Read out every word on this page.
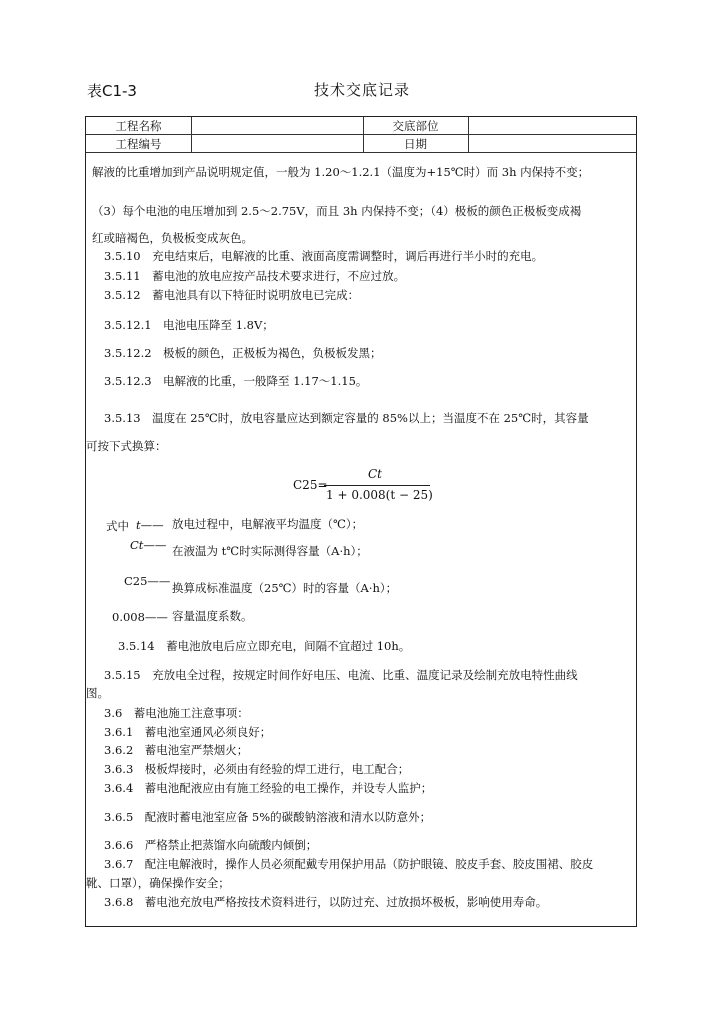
表C1-3	技术交底记录
工程名称	交底部位
工程编号	日期
解液的比重增加到产品说明规定值，一般为 1.20～1.2.1（温度为+15℃时）而 3h 内保持不变；
（3）每个电池的电压增加到 2.5～2.75V，而且 3h 内保持不变；（4）极板的颜色正极板变成褐
红或暗褐色，负极板变成灰色。
3.5.10　充电结束后，电解液的比重、液面高度需调整时，调后再进行半小时的充电。
3.5.11　蓄电池的放电应按产品技术要求进行，不应过放。
3.5.12　蓄电池具有以下特征时说明放电已完成：
3.5.12.1　电池电压降至 1.8V；
3.5.12.2　极板的颜色，正极板为褐色，负极板发黑；
3.5.12.3　电解液的比重，一般降至 1.17～1.15。
3.5.13　温度在 25℃时，放电容量应达到额定容量的 85%以上；当温度不在 25℃时，其容量
可按下式换算：
C25=
Ct
1 + 0.008(t − 25)
式中 t—— 放电过程中，电解液平均温度（℃）；
Ct—— 在液温为 t℃时实际测得容量（A·h）；
C25—— 换算成标准温度（25℃）时的容量（A·h）；
0.008—— 容量温度系数。
3.5.14　蓄电池放电后应立即充电，间隔不宜超过 10h。
3.5.15　充放电全过程，按规定时间作好电压、电流、比重、温度记录及绘制充放电特性曲线
图。
3.6　蓄电池施工注意事项：
3.6.1　蓄电池室通风必须良好；
3.6.2　蓄电池室严禁烟火；
3.6.3　极板焊接时，必须由有经验的焊工进行，电工配合；
3.6.4　蓄电池配液应由有施工经验的电工操作，并设专人监护；
3.6.5　配液时蓄电池室应备 5%的碳酸钠溶液和清水以防意外；
3.6.6　严格禁止把蒸馏水向硫酸内倾倒；
3.6.7　配注电解液时，操作人员必须配戴专用保护用品（防护眼镜、胶皮手套、胶皮围裙、胶皮
靴、口罩），确保操作安全；
3.6.8　蓄电池充放电严格按技术资料进行，以防过充、过放损坏极板，影响使用寿命。
